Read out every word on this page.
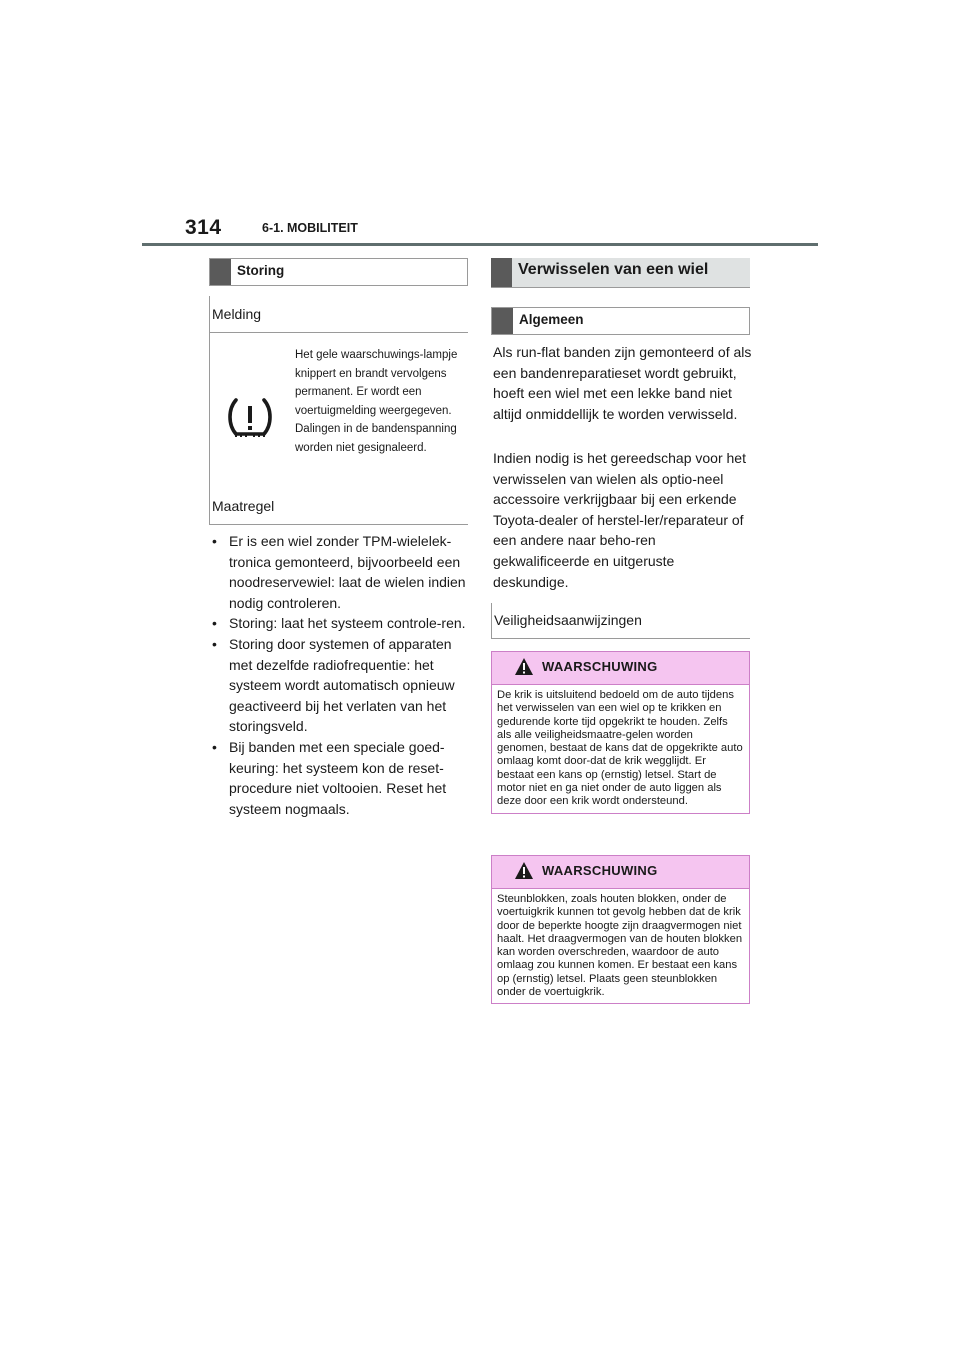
314	6-1. MOBILITEIT
Storing
Melding
Het gele waarschuwings-lampje knippert en brandt vervolgens permanent. Er wordt een voertuigmelding weergegeven. Dalingen in de bandenspanning worden niet gesignaleerd.
Maatregel
• Er is een wiel zonder TPM-wielelek-tronica gemonteerd, bijvoorbeeld een noodreservewiel: laat de wielen indien nodig controleren.
• Storing: laat het systeem controle-ren.
• Storing door systemen of apparaten met dezelfde radiofrequentie: het systeem wordt automatisch opnieuw geactiveerd bij het verlaten van het storingsveld.
• Bij banden met een speciale goed-keuring: het systeem kon de reset-procedure niet voltooien. Reset het systeem nogmaals.
Verwisselen van een wiel
Algemeen

Als run-flat banden zijn gemonteerd of als een bandenreparatieset wordt gebruikt, hoeft een wiel met een lekke band niet altijd onmiddellijk te worden verwisseld.

Indien nodig is het gereedschap voor het verwisselen van wielen als optio-neel accessoire verkrijgbaar bij een erkende Toyota-dealer of herstel-ler/reparateur of een andere naar beho-ren gekwalificeerde en uitgeruste deskundige.

Veiligheidsaanwijzingen
WAARSCHUWING
De krik is uitsluitend bedoeld om de auto tijdens het verwisselen van een wiel op te krikken en gedurende korte tijd opgekrikt te houden. Zelfs als alle veiligheidsmaatre-gelen worden genomen, bestaat de kans dat de opgekrikte auto omlaag komt door-dat de krik wegglijdt. Er bestaat een kans op (ernstig) letsel. Start de motor niet en ga niet onder de auto liggen als deze door een krik wordt ondersteund.
WAARSCHUWING
Steunblokken, zoals houten blokken, onder de voertuigkrik kunnen tot gevolg hebben dat de krik door de beperkte hoogte zijn draagvermogen niet haalt. Het draagvermogen van de houten blokken kan worden overschreden, waardoor de auto omlaag zou kunnen komen. Er bestaat een kans op (ernstig) letsel. Plaats geen steunblokken onder de voertuigkrik.
